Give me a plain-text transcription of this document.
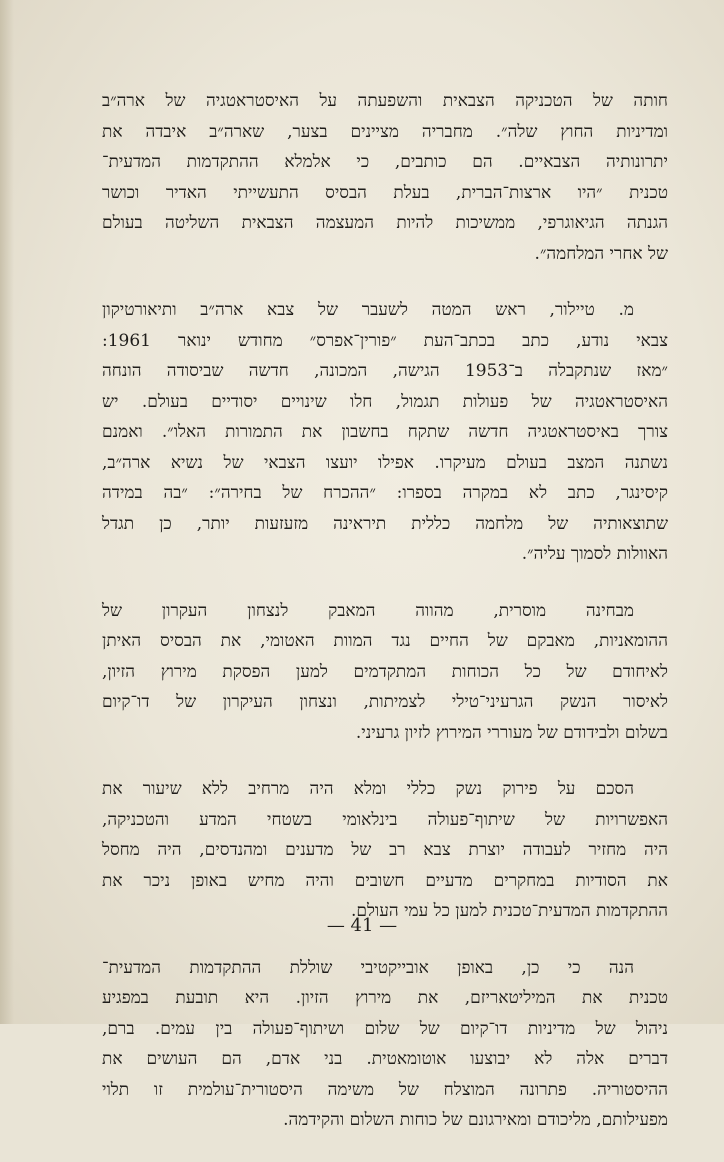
חותה של הטכניקה הצבאית והשפעתה על האיסטראטגיה של ארה״ב
ומדיניות החוץ שלה״. מחבריה מציינים בצער, שארה״ב איבדה את
יתרונותיה הצבאיים. הם כותבים, כי אלמלא ההתקדמות המדעית־
טכנית ״היו ארצות־הברית, בעלת הבסיס התעשייתי האדיר וכושר
הגנתה הגיאוגרפי, ממשיכות להיות המעצמה הצבאית השליטה בעולם
של אחרי המלחמה״.
מ. טיילור, ראש המטה לשעבר של צבא ארה״ב ותיאורטיקון
צבאי נודע, כתב בכתב־העת ״פורין־אפרס״ מחודש ינואר 1961:
״מאז שנתקבלה ב־1953 הגישה, המכונה, חדשה שביסודה הונחה
האיסטראטגיה של פעולות תגמול, חלו שינויים יסודיים בעולם. יש
צורך באיסטראטגיה חדשה שתקח בחשבון את התמורות האלו״. ואמנם
נשתנה המצב בעולם מעיקרו. אפילו יועצו הצבאי של נשיא ארה״ב,
קיסינגר, כתב לא במקרה בספרו: ״ההכרח של בחירה״: ״בה במידה
שתוצאותיה של מלחמה כללית תיראינה מזעזעות יותר, כן תגדל
האוולות לסמוך עליה״.
מבחינה מוסרית, מהווה המאבק לנצחון העקרון של
ההומאניות, מאבקם של החיים נגד המוות האטומי, את הבסיס האיתן
לאיחודם של כל הכוחות המתקדמים למען הפסקת מירוץ הזיון,
לאיסור הנשק הגרעיני־טילי לצמיתות, ונצחון העיקרון של דו־קיום
בשלום ולבידודם של מעוררי המירוץ לזיון גרעיני.
הסכם על פירוק נשק כללי ומלא היה מרחיב ללא שיעור את
האפשרויות של שיתוף־פעולה בינלאומי בשטחי המדע והטכניקה,
היה מחזיר לעבודה יוצרת צבא רב של מדענים ומהנדסים, היה מחסל
את הסודיות במחקרים מדעיים חשובים והיה מחיש באופן ניכר את
ההתקדמות המדעית־טכנית למען כל עמי העולם.
הנה כי כן, באופן אובייקטיבי שוללת ההתקדמות המדעית־
טכנית את המיליטאריזם, את מירוץ הזיון. היא תובעת במפגיע
ניהול של מדיניות דו־קיום של שלום ושיתוף־פעולה בין עמים. ברם,
דברים אלה לא יבוצעו אוטומאטית. בני אדם, הם העושים את
ההיסטוריה. פתרונה המוצלח של משימה היסטורית־עולמית זו תלוי
מפעילותם, מליכודם ומאירגונם של כוחות השלום והקידמה.
— 41 —
